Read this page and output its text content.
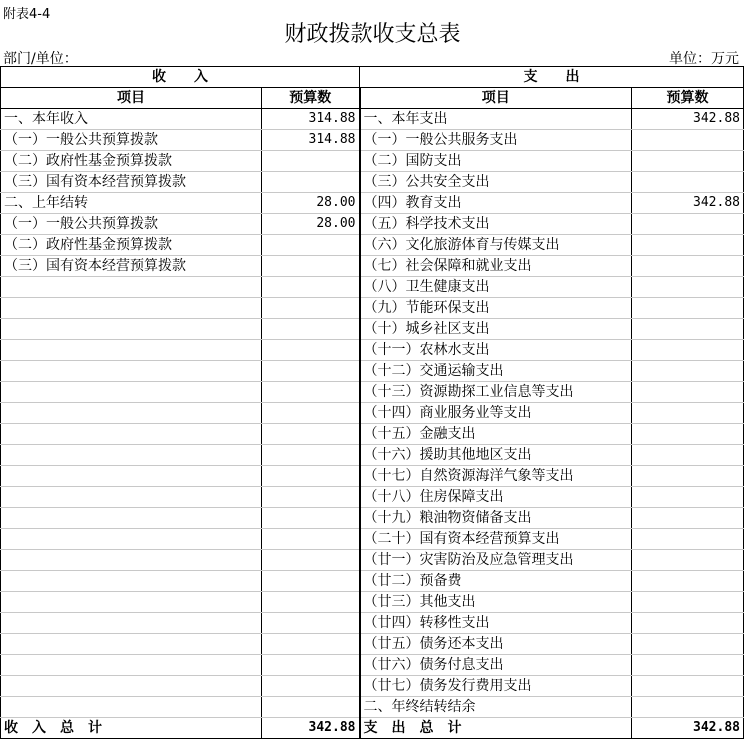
附表4-4
财政拨款收支总表
部门/单位：	单位：万元
收　　入		支　　出	
项目	预算数	项目	预算数
一、本年收入	314.88	一、本年支出	342.88
（一）一般公共预算拨款	314.88	（一）一般公共服务支出	
（二）政府性基金预算拨款		（二）国防支出	
（三）国有资本经营预算拨款		（三）公共安全支出	
二、上年结转	28.00	（四）教育支出	342.88
（一）一般公共预算拨款	28.00	（五）科学技术支出	
（二）政府性基金预算拨款		（六）文化旅游体育与传媒支出	
（三）国有资本经营预算拨款		（七）社会保障和就业支出	
		（八）卫生健康支出	
		（九）节能环保支出	
		（十）城乡社区支出	
		（十一）农林水支出	
		（十二）交通运输支出	
		（十三）资源勘探工业信息等支出	
		（十四）商业服务业等支出	
		（十五）金融支出	
		（十六）援助其他地区支出	
		（十七）自然资源海洋气象等支出	
		（十八）住房保障支出	
		（十九）粮油物资储备支出	
		（二十）国有资本经营预算支出	
		（廿一）灾害防治及应急管理支出	
		（廿二）预备费	
		（廿三）其他支出	
		（廿四）转移性支出	
		（廿五）债务还本支出	
		（廿六）债务付息支出	
		（廿七）债务发行费用支出	
		二、年终结转结余	
收　入　总　计	342.88	支　出　总　计	342.88
